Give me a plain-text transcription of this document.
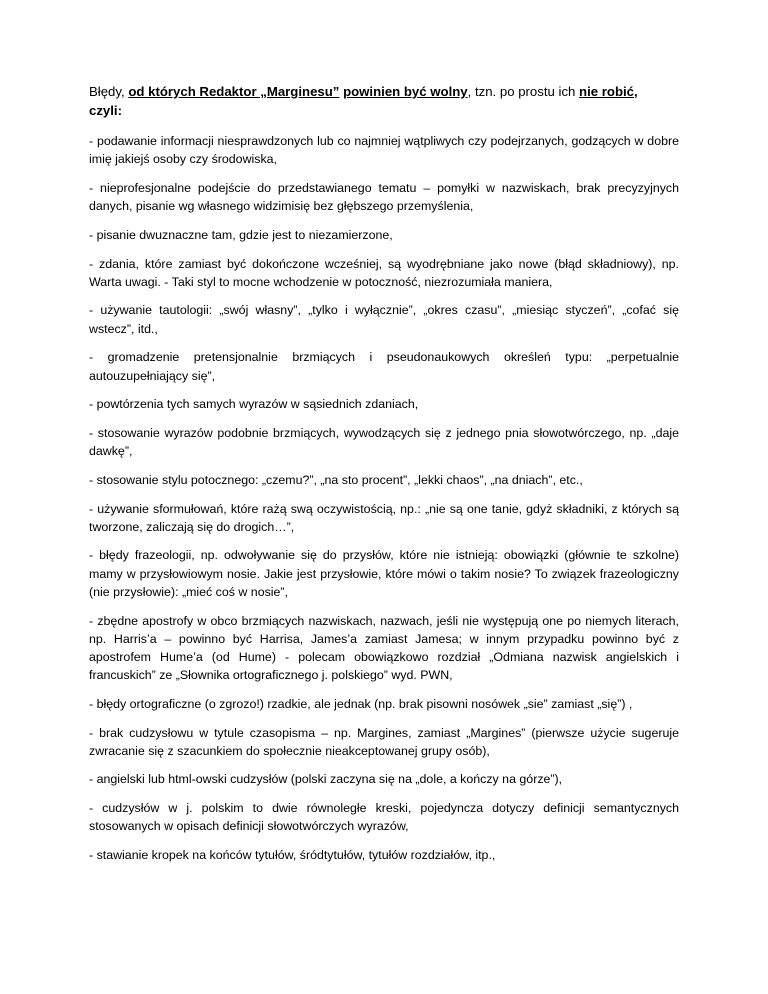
Błędy, od których Redaktor „Marginesu” powinien być wolny, tzn. po prostu ich nie robić,
czyli:

- podawanie informacji niesprawdzonych lub co najmniej wątpliwych czy podejrzanych, godzących w dobre imię jakiejś osoby czy środowiska,

- nieprofesjonalne podejście do przedstawianego tematu – pomyłki w nazwiskach, brak precyzyjnych danych, pisanie wg własnego widzimisię bez głębszego przemyślenia,

- pisanie dwuznaczne tam, gdzie jest to niezamierzone,

- zdania, które zamiast być dokończone wcześniej, są wyodrębniane jako nowe (błąd składniowy), np. Warta uwagi. - Taki styl to mocne wchodzenie w potoczność, niezrozumiała maniera,

- używanie tautologii: „swój własny”, „tylko i wyłącznie”, „okres czasu”, „miesiąc styczeń”, „cofać się wstecz”, itd.,

- gromadzenie pretensjonalnie brzmiących i pseudonaukowych określeń typu: „perpetualnie autouzupełniający się”,

- powtórzenia tych samych wyrazów w sąsiednich zdaniach,

- stosowanie wyrazów podobnie brzmiących, wywodzących się z jednego pnia słowotwórczego, np. „daje dawkę”,

- stosowanie stylu potocznego: „czemu?”, „na sto procent”, „lekki chaos”, „na dniach”, etc.,

- używanie sformułowań, które rażą swą oczywistością, np.: „nie są one tanie, gdyż składniki, z których są tworzone, zaliczają się do drogich…”,

- błędy frazeologii, np. odwoływanie się do przysłów, które nie istnieją: obowiązki (głównie te szkolne) mamy w przysłowiowym nosie. Jakie jest przysłowie, które mówi o takim nosie? To związek frazeologiczny (nie przysłowie): „mieć coś w nosie”,

- zbędne apostrofy w obco brzmiących nazwiskach, nazwach, jeśli nie występują one po niemych literach, np. Harris’a – powinno być Harrisa, James’a zamiast Jamesa; w innym przypadku powinno być z apostrofem Hume’a (od Hume) - polecam obowiązkowo rozdział „Odmiana nazwisk angielskich i francuskich” ze „Słownika ortograficznego j. polskiego” wyd. PWN,

- błędy ortograficzne (o zgrozo!) rzadkie, ale jednak (np. brak pisowni nosówek „sie” zamiast „się”) ,

- brak cudzysłowu w tytule czasopisma – np. Margines, zamiast „Margines” (pierwsze użycie sugeruje zwracanie się z szacunkiem do społecznie nieakceptowanej grupy osób),

- angielski lub html-owski cudzysłów (polski zaczyna się na „dole, a kończy na górze”),

- cudzysłów w j. polskim to dwie równoległe kreski, pojedyncza dotyczy definicji semantycznych stosowanych w opisach definicji słowotwórczych wyrazów,

- stawianie kropek na końców tytułów, śródtytułów, tytułów rozdziałów, itp.,
